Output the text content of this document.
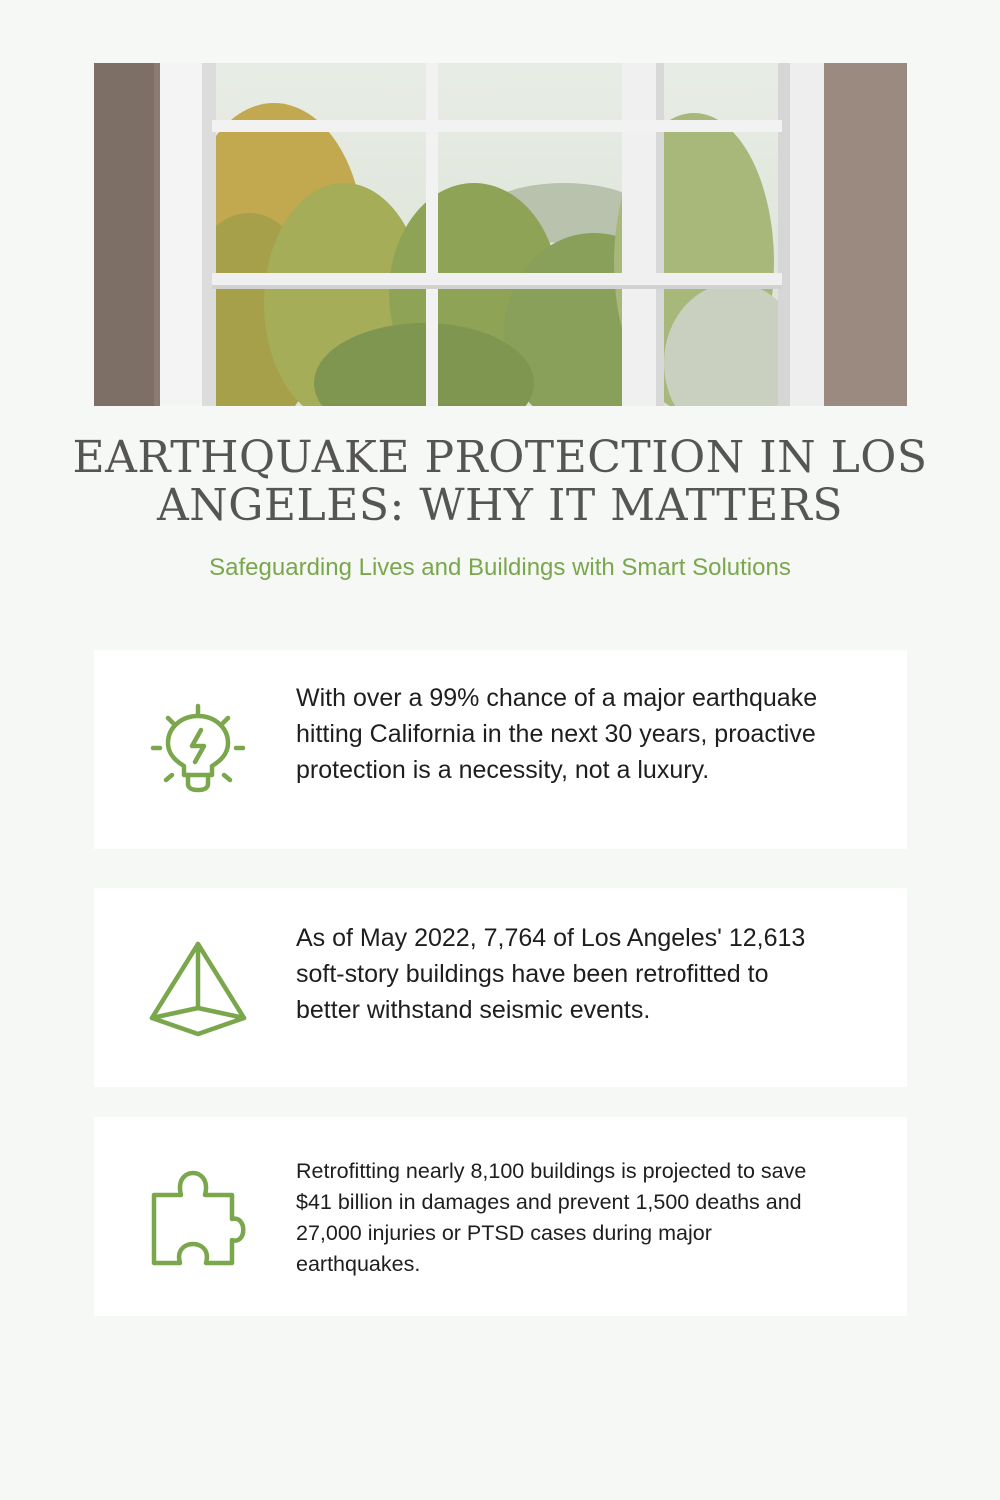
EARTHQUAKE PROTECTION IN LOS ANGELES: WHY IT MATTERS

Safeguarding Lives and Buildings with Smart Solutions

With over a 99% chance of a major earthquake hitting California in the next 30 years, proactive protection is a necessity, not a luxury.

As of May 2022, 7,764 of Los Angeles' 12,613 soft-story buildings have been retrofitted to better withstand seismic events.

Retrofitting nearly 8,100 buildings is projected to save $41 billion in damages and prevent 1,500 deaths and 27,000 injuries or PTSD cases during major earthquakes.
